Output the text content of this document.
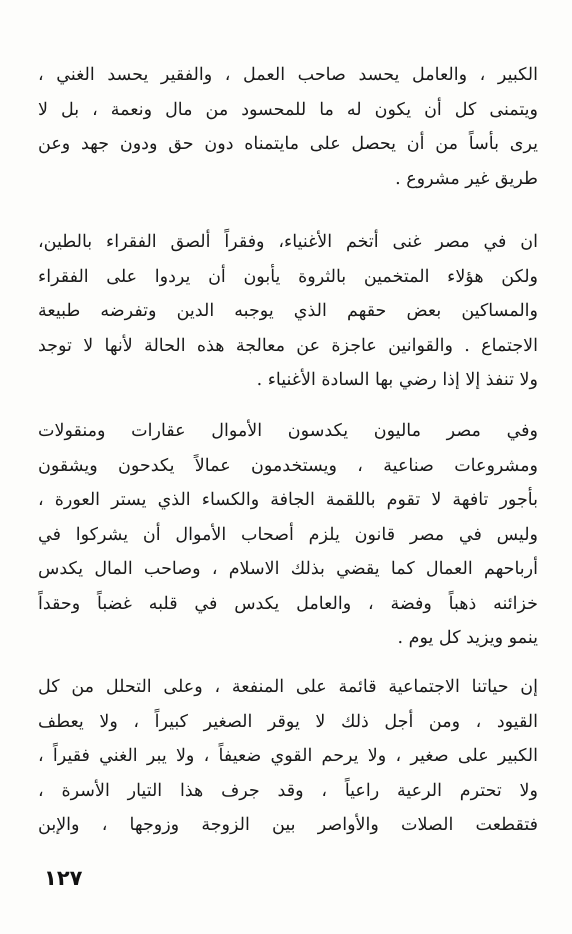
الكبير ، والعامل يحسد صاحب العمل ، والفقير يحسد الغني ،
ويتمنى كل أن يكون له ما للمحسود من مال ونعمة ، بل لا
يرى بأساً من أن يحصل على مايتمناه دون حق ودون جهد وعن
طريق غير مشروع .
ان في مصر غنى أتخم الأغنياء، وفقراً ألصق الفقراء بالطين،
ولكن هؤلاء المتخمين بالثروة يأبون أن يردوا على الفقراء
والمساكين بعض حقهم الذي يوجبه الدين وتفرضه طبيعة
الاجتماع . والقوانين عاجزة عن معالجة هذه الحالة لأنها لا توجد
ولا تنفذ إلا إذا رضي بها السادة الأغنياء .
وفي مصر ماليون يكدسون الأموال عقارات ومنقولات
ومشروعات صناعية ، ويستخدمون عمالاً يكدحون ويشقون
بأجور تافهة لا تقوم باللقمة الجافة والكساء الذي يستر العورة ،
وليس في مصر قانون يلزم أصحاب الأموال أن يشركوا في
أرباحهم العمال كما يقضي بذلك الاسلام ، وصاحب المال يكدس
خزائنه ذهباً وفضة ، والعامل يكدس في قلبه غضباً وحقداً
ينمو ويزيد كل يوم .
إن حياتنا الاجتماعية قائمة على المنفعة ، وعلى التحلل من كل
القيود ، ومن أجل ذلك لا يوقر الصغير كبيراً ، ولا يعطف
الكبير على صغير ، ولا يرحم القوي ضعيفاً ، ولا يبر الغني فقيراً ،
ولا تحترم الرعية راعياً ، وقد جرف هذا التيار الأسرة ،
فتقطعت الصلات والأواصر بين الزوجة وزوجها ، والإبن
١٢٧
